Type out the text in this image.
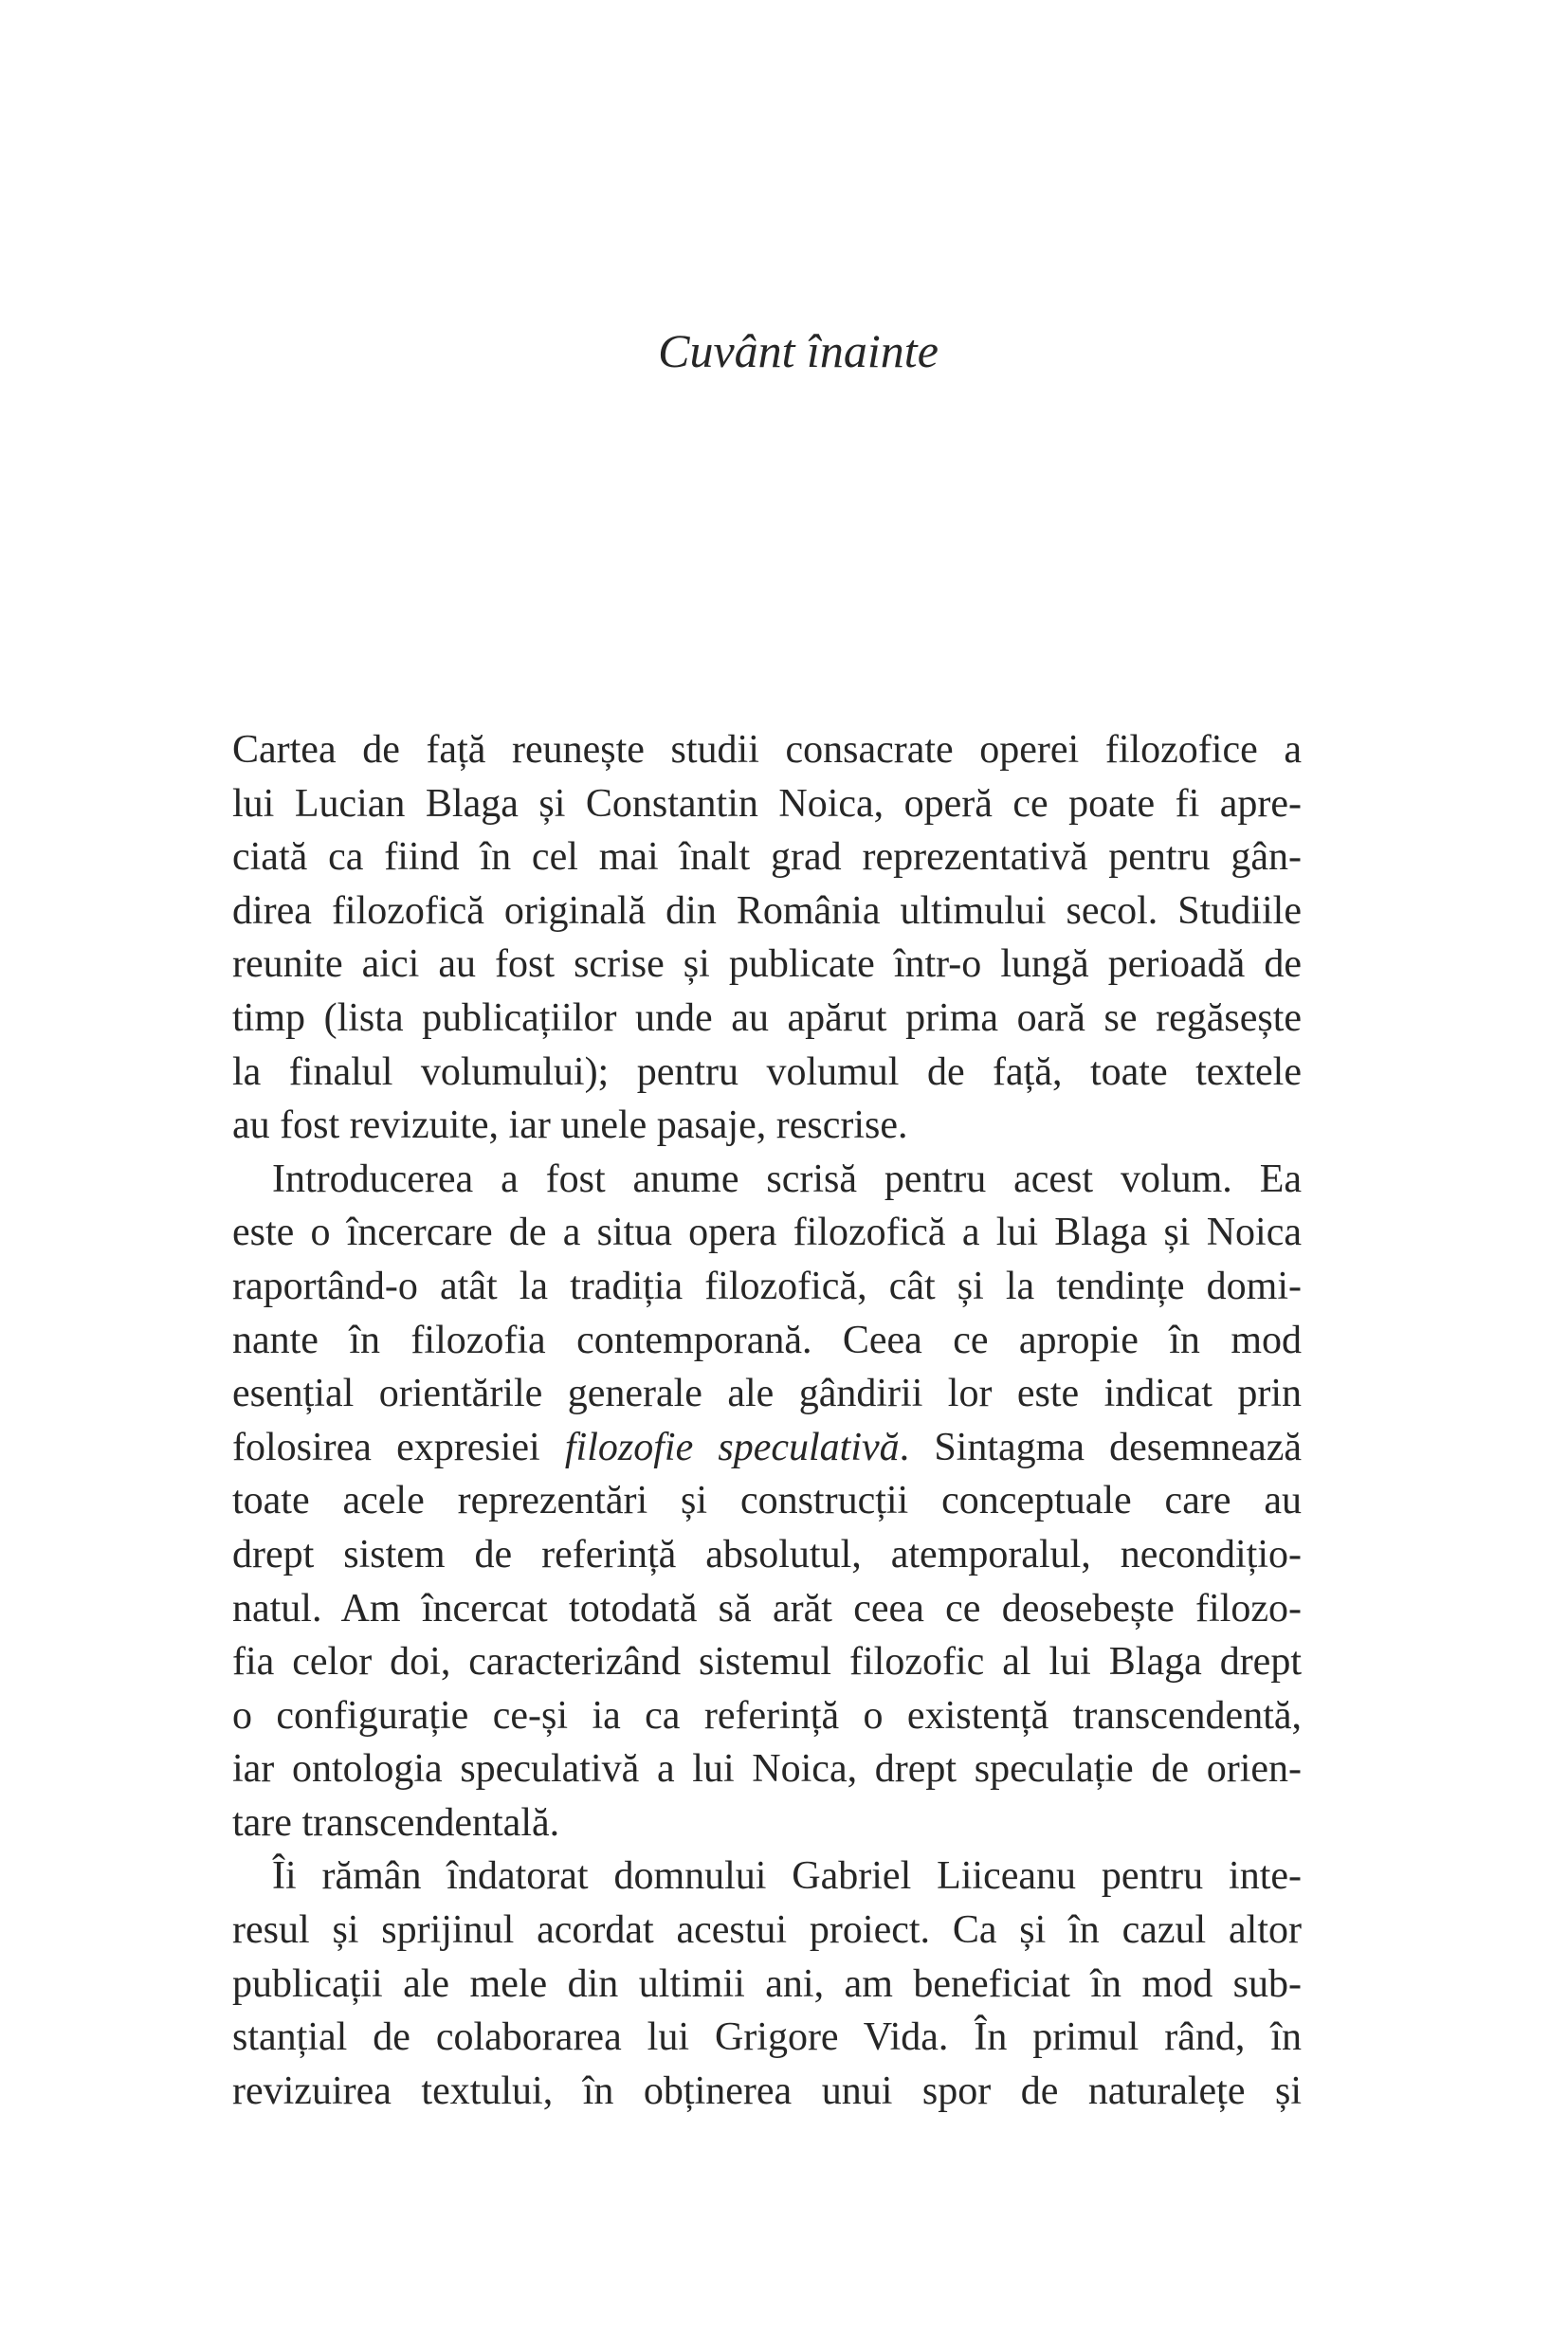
Cuvânt înainte
Cartea de față reunește studii consacrate operei filozofice a
lui Lucian Blaga și Constantin Noica, operă ce poate fi apre-
ciată ca fiind în cel mai înalt grad reprezentativă pentru gân-
direa filozofică originală din România ultimului secol. Studiile
reunite aici au fost scrise și publicate într-o lungă perioadă de
timp (lista publicațiilor unde au apărut prima oară se regăsește
la finalul volumului); pentru volumul de față, toate textele
au fost revizuite, iar unele pasaje, rescrise.
Introducerea a fost anume scrisă pentru acest volum. Ea
este o încercare de a situa opera filozofică a lui Blaga și Noica
raportând-o atât la tradiția filozofică, cât și la tendințe domi-
nante în filozofia contemporană. Ceea ce apropie în mod
esențial orientările generale ale gândirii lor este indicat prin
folosirea expresiei filozofie speculativă. Sintagma desemnează
toate acele reprezentări și construcții conceptuale care au
drept sistem de referință absolutul, atemporalul, necondițio-
natul. Am încercat totodată să arăt ceea ce deosebește filozo-
fia celor doi, caracterizând sistemul filozofic al lui Blaga drept
o configurație ce-și ia ca referință o existență transcendentă,
iar ontologia speculativă a lui Noica, drept speculație de orien-
tare transcendentală.
Îi rămân îndatorat domnului Gabriel Liiceanu pentru inte-
resul și sprijinul acordat acestui proiect. Ca și în cazul altor
publicații ale mele din ultimii ani, am beneficiat în mod sub-
stanțial de colaborarea lui Grigore Vida. În primul rând, în
revizuirea textului, în obținerea unui spor de naturalețe și
